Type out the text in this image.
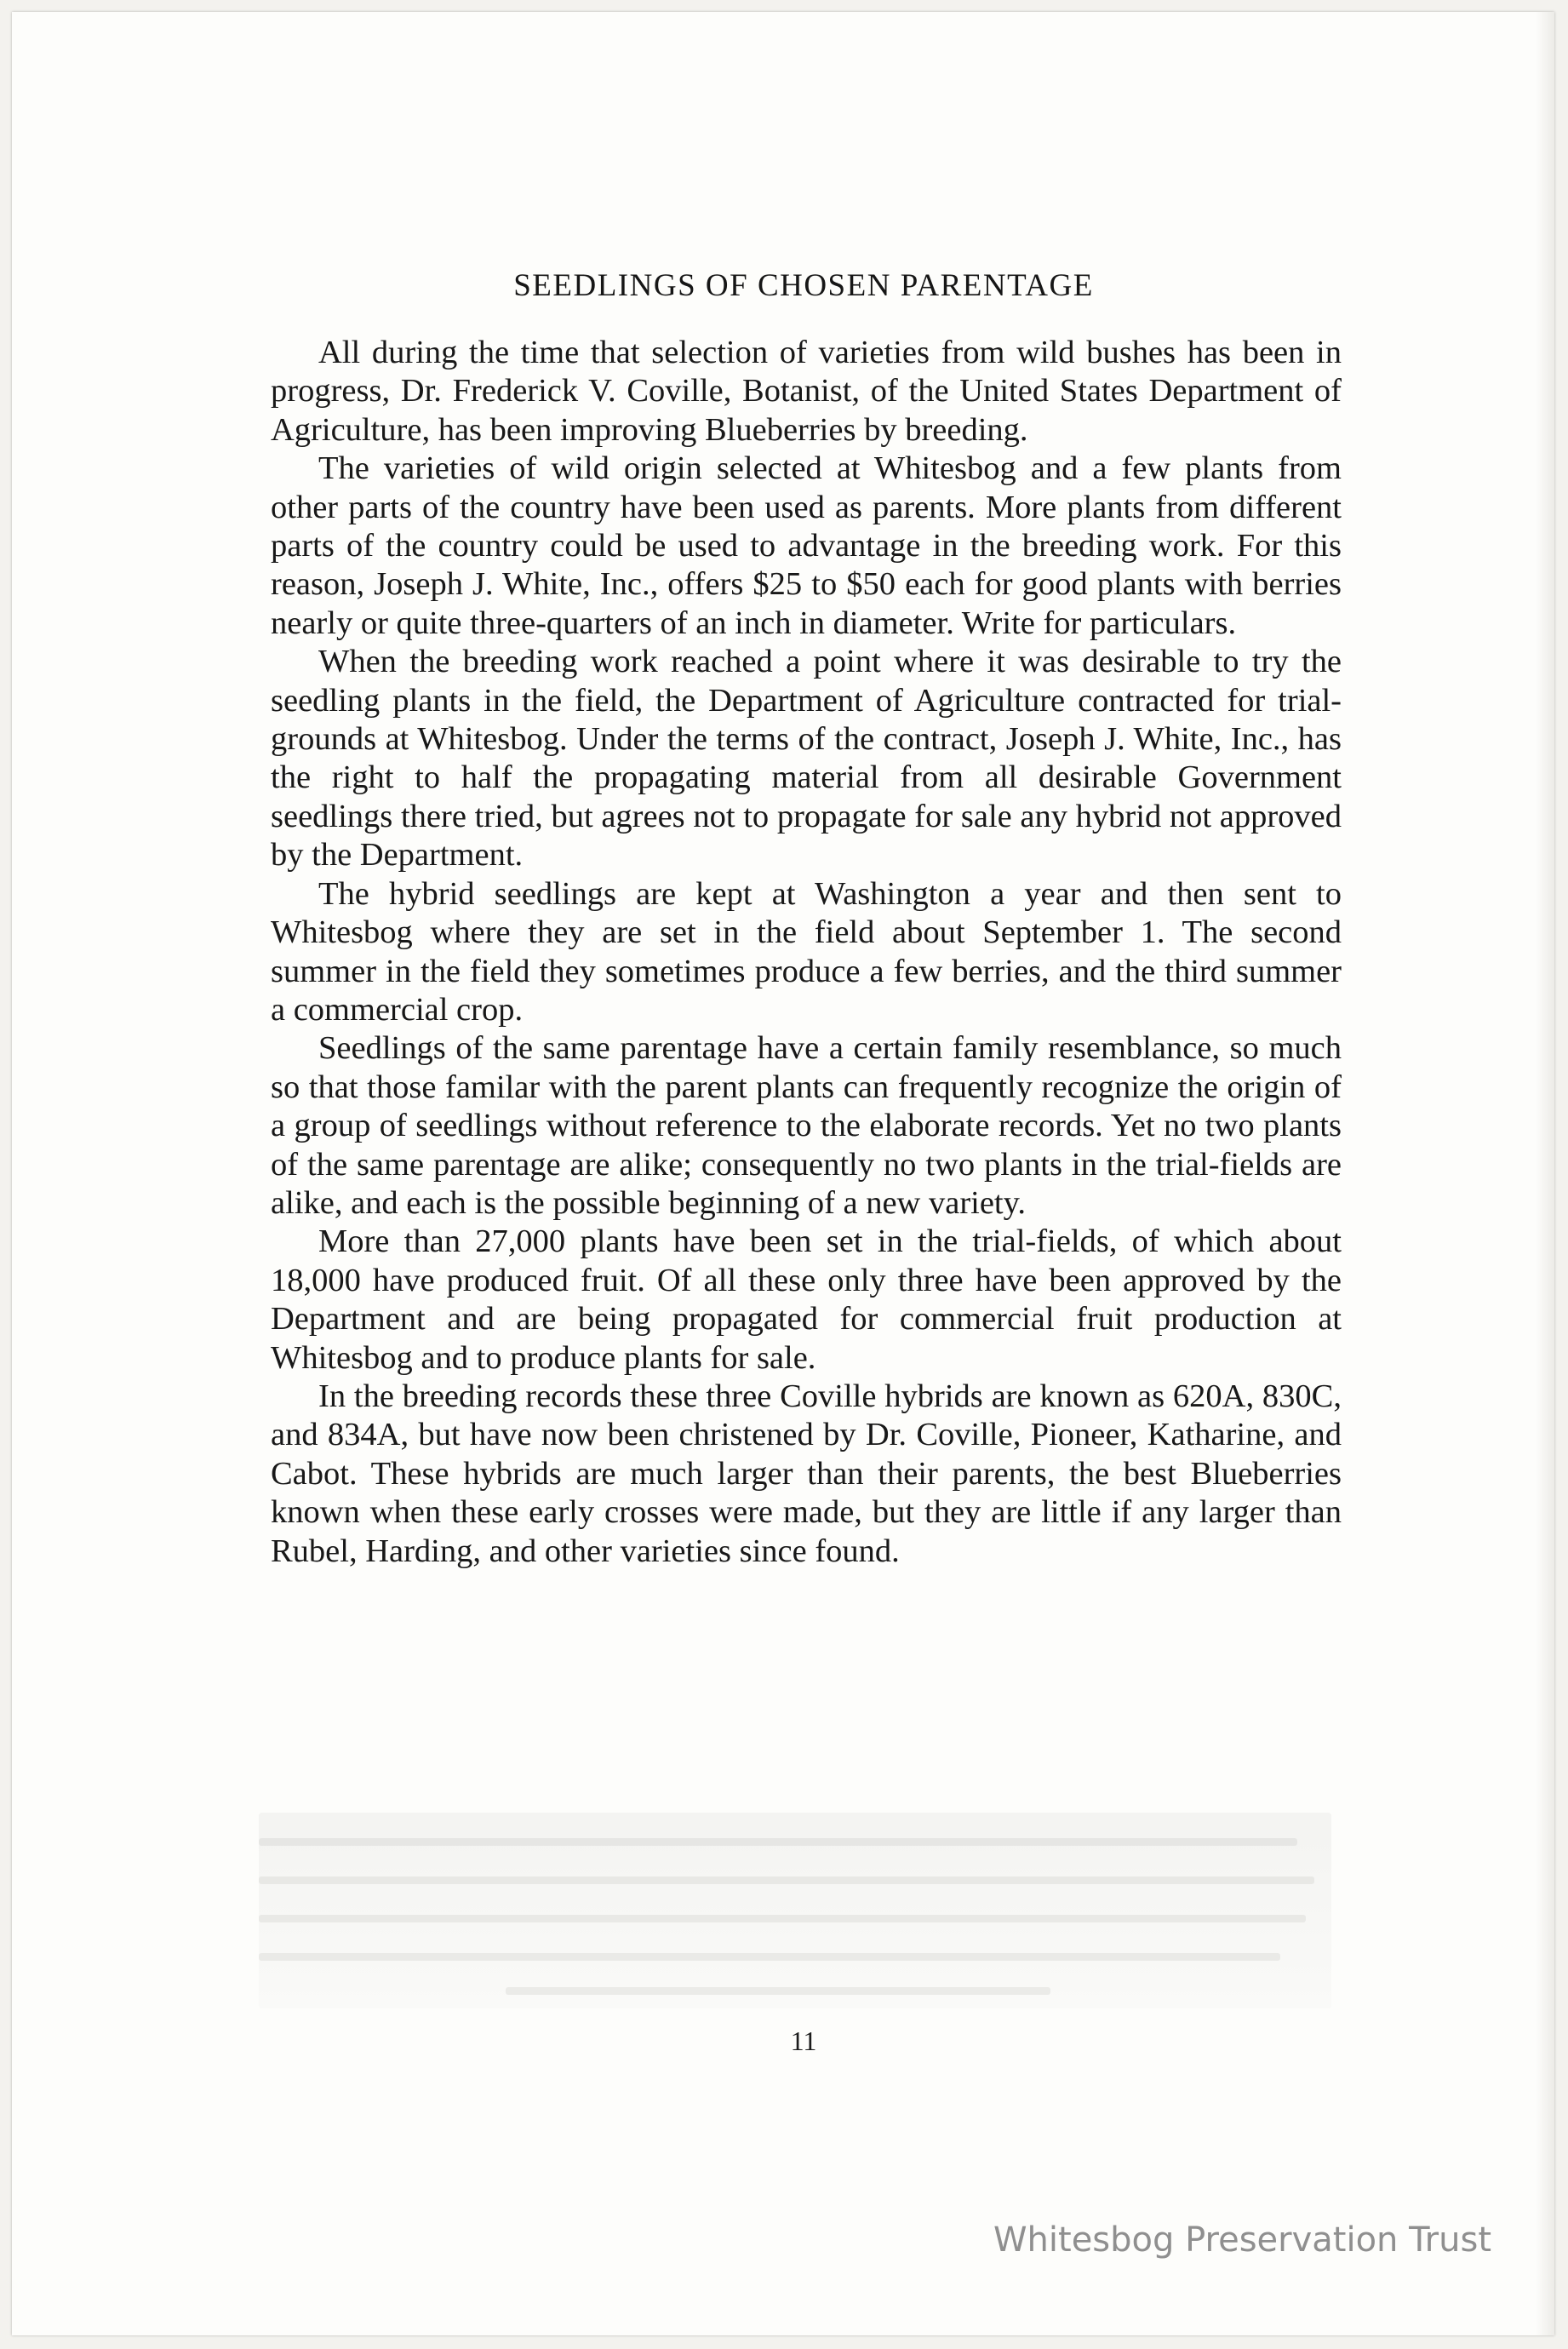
SEEDLINGS OF CHOSEN PARENTAGE

All during the time that selection of varieties from wild bushes has been in progress, Dr. Frederick V. Coville, Botanist, of the United States Department of Agriculture, has been improving Blueberries by breeding.

The varieties of wild origin selected at Whitesbog and a few plants from other parts of the country have been used as parents. More plants from different parts of the country could be used to advantage in the breeding work. For this reason, Joseph J. White, Inc., offers $25 to $50 each for good plants with berries nearly or quite three-quarters of an inch in diameter. Write for particulars.

When the breeding work reached a point where it was desirable to try the seedling plants in the field, the Department of Agriculture contracted for trial-grounds at Whitesbog. Under the terms of the contract, Joseph J. White, Inc., has the right to half the propagating material from all desirable Government seedlings there tried, but agrees not to propagate for sale any hybrid not approved by the Department.

The hybrid seedlings are kept at Washington a year and then sent to Whitesbog where they are set in the field about September 1. The second summer in the field they sometimes produce a few berries, and the third summer a commercial crop.

Seedlings of the same parentage have a certain family resemblance, so much so that those familar with the parent plants can frequently recognize the origin of a group of seedlings without reference to the elaborate records. Yet no two plants of the same parentage are alike; consequently no two plants in the trial-fields are alike, and each is the possible beginning of a new variety.

More than 27,000 plants have been set in the trial-fields, of which about 18,000 have produced fruit. Of all these only three have been approved by the Department and are being propagated for commercial fruit production at Whitesbog and to produce plants for sale.

In the breeding records these three Coville hybrids are known as 620A, 830C, and 834A, but have now been christened by Dr. Coville, Pioneer, Katharine, and Cabot. These hybrids are much larger than their parents, the best Blueberries known when these early crosses were made, but they are little if any larger than Rubel, Harding, and other varieties since found.

11
Whitesbog Preservation Trust
